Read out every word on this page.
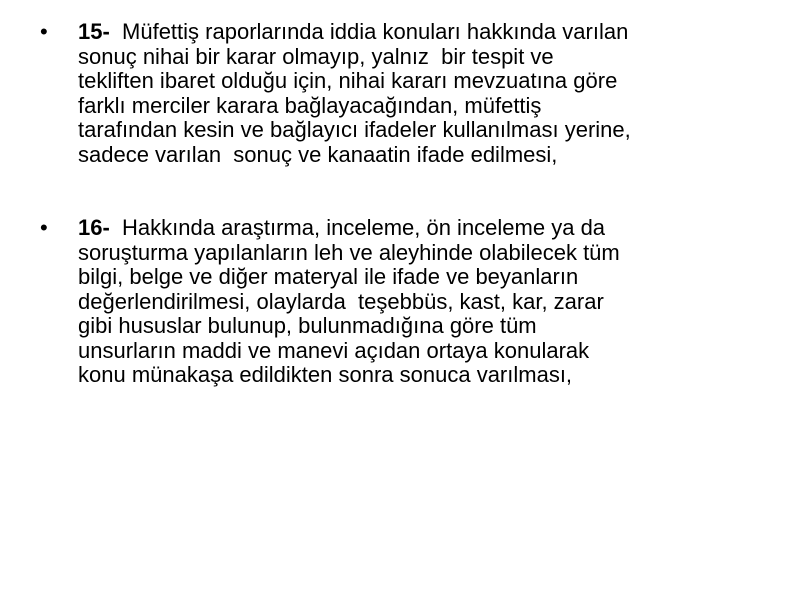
•	15-  Müfettiş raporlarında iddia konuları hakkında varılan
sonuç nihai bir karar olmayıp, yalnız  bir tespit ve
tekliften ibaret olduğu için, nihai kararı mevzuatına göre
farklı merciler karara bağlayacağından, müfettiş
tarafından kesin ve bağlayıcı ifadeler kullanılması yerine,
sadece varılan  sonuç ve kanaatin ifade edilmesi,
•	16-  Hakkında araştırma, inceleme, ön inceleme ya da
soruşturma yapılanların leh ve aleyhinde olabilecek tüm
bilgi, belge ve diğer materyal ile ifade ve beyanların
değerlendirilmesi, olaylarda  teşebbüs, kast, kar, zarar
gibi hususlar bulunup, bulunmadığına göre tüm
unsurların maddi ve manevi açıdan ortaya konularak
konu münakaşa edildikten sonra sonuca varılması,
